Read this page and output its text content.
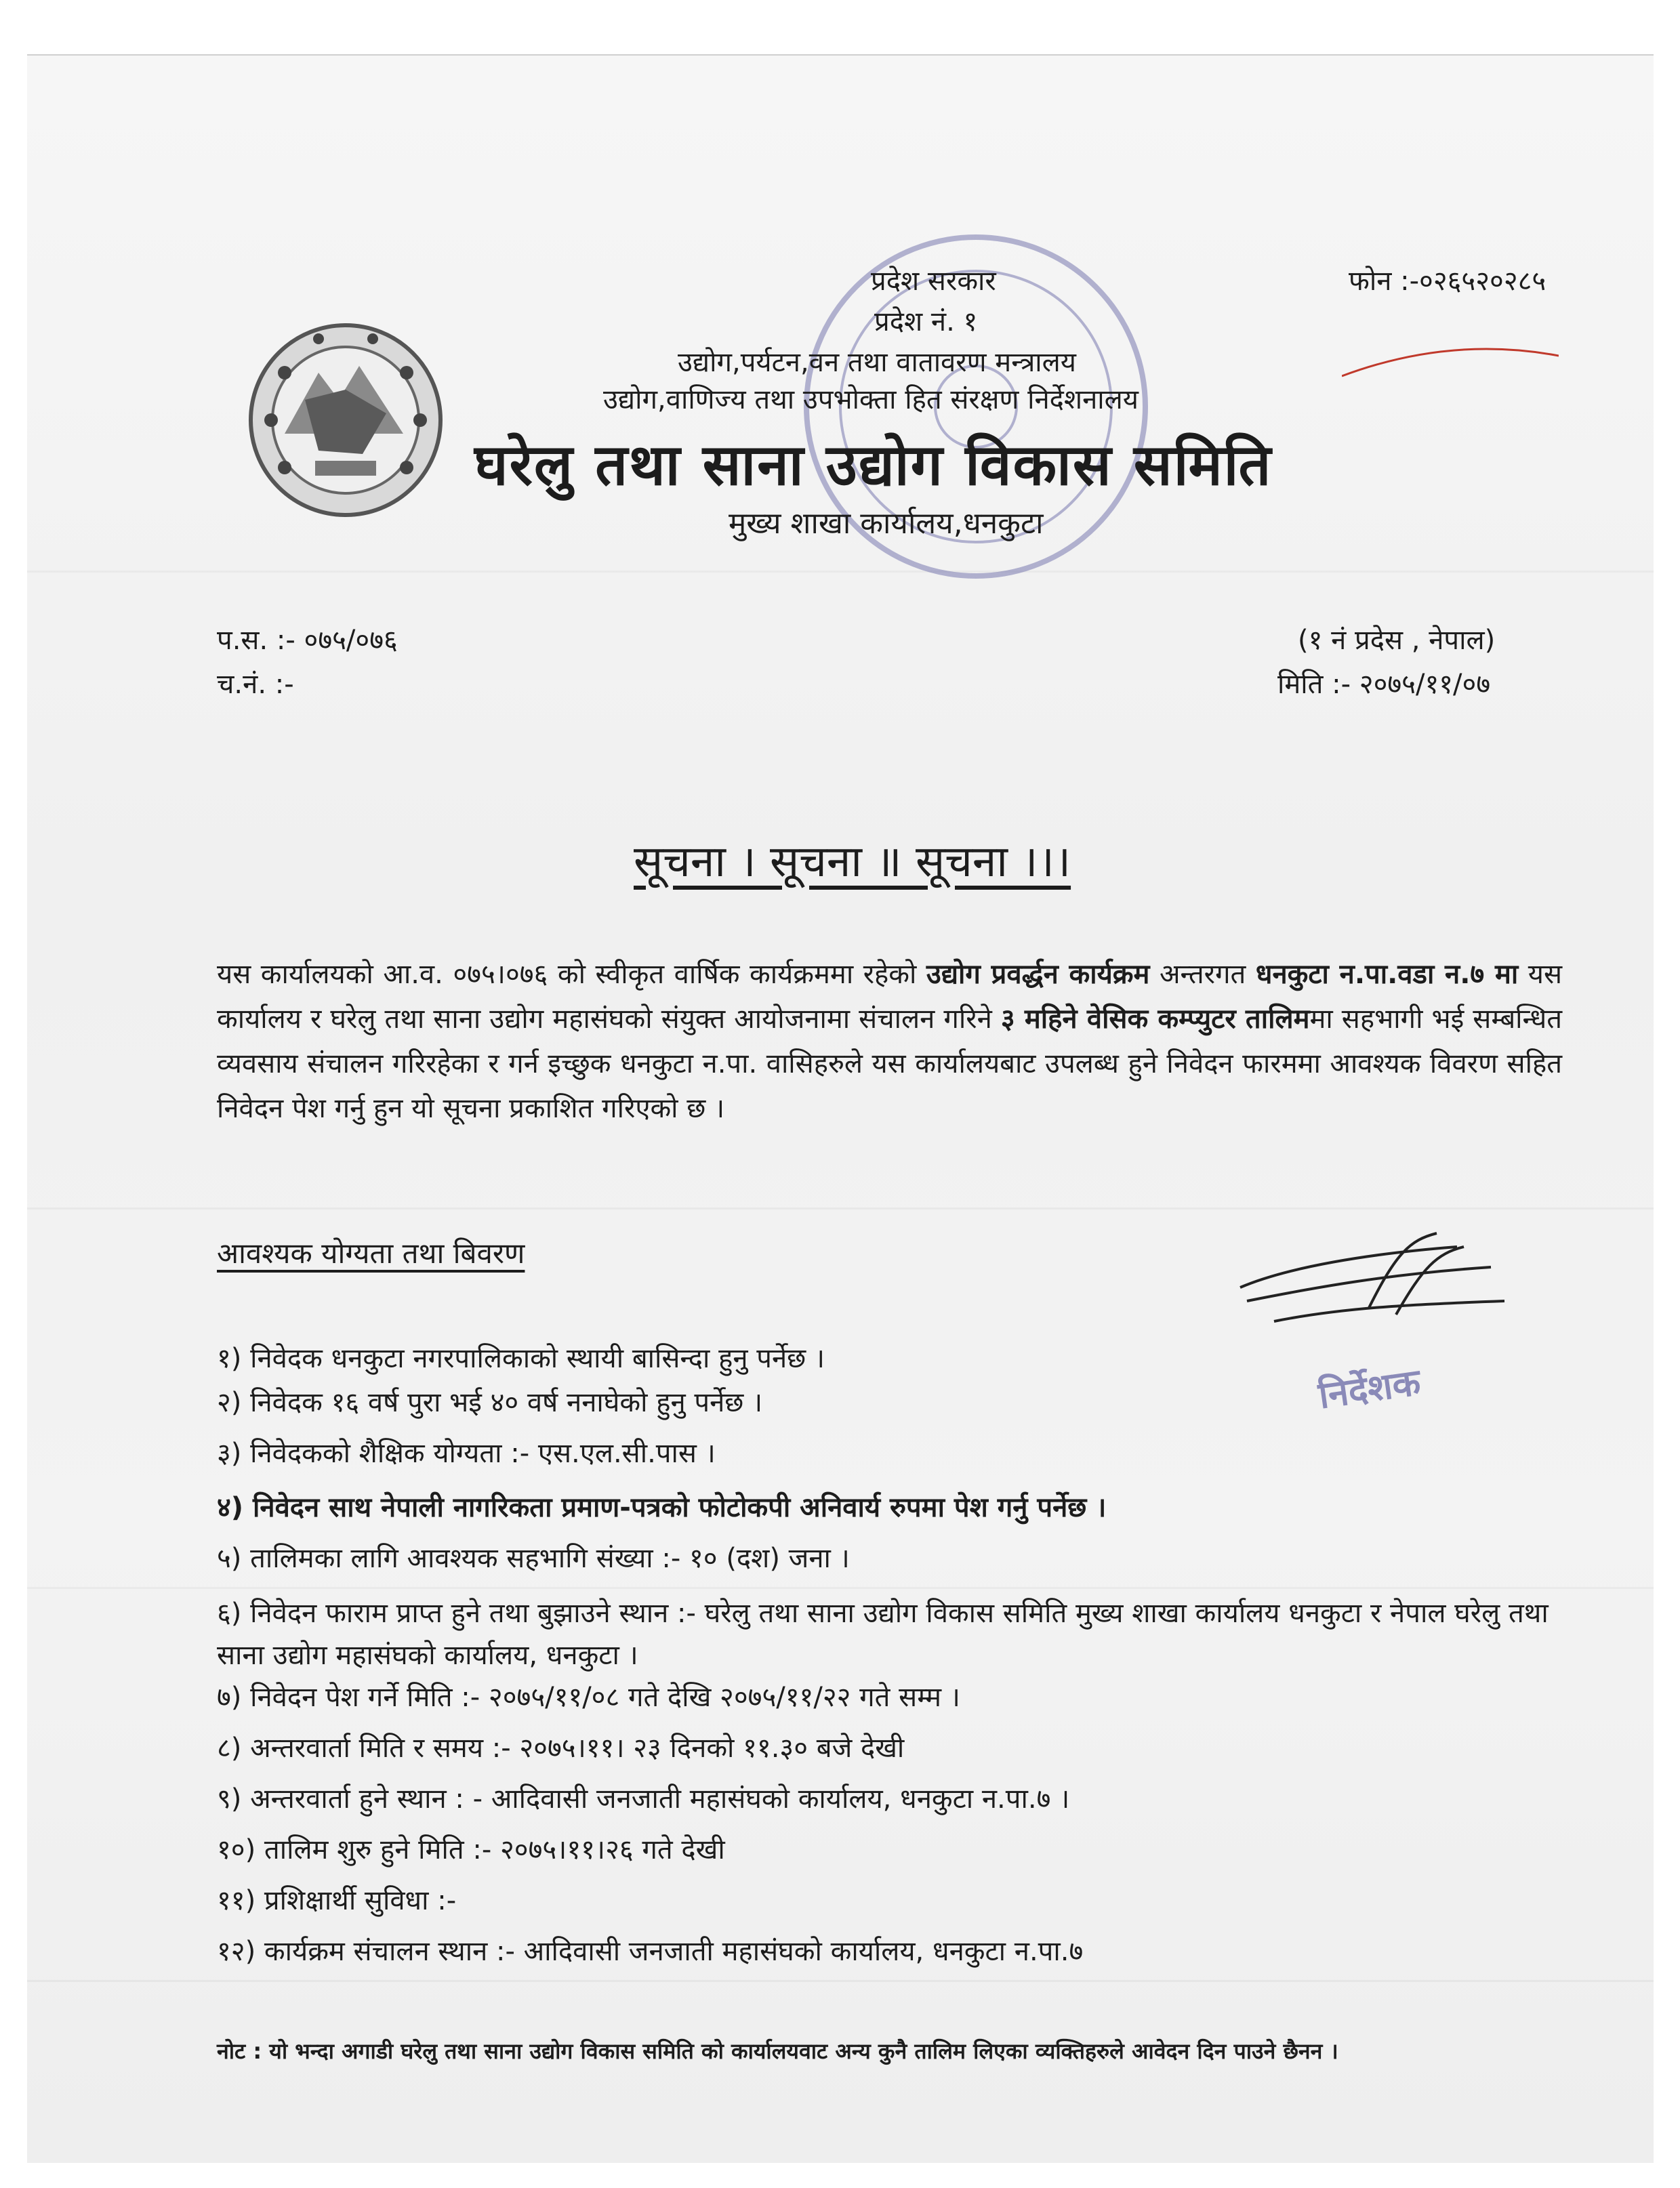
प्रदेश सरकार
प्रदेश नं. १
उद्योग,पर्यटन,वन तथा वातावरण मन्त्रालय
उद्योग,वाणिज्य तथा उपभोक्ता हित संरक्षण निर्देशनालय
घरेलु तथा साना उद्योग विकास समिति
मुख्य शाखा कार्यालय,धनकुटा
फोन :-०२६५२०२८५
प.स. :- ०७५/०७६
च.नं. :-
(१ नं प्रदेस , नेपाल)
मिति :- २०७५/११/०७
सूचना । सूचना ॥ सूचना ।।।

यस कार्यालयको आ.व. ०७५।०७६ को स्वीकृत वार्षिक कार्यक्रममा रहेको उद्योग प्रवर्द्धन कार्यक्रम अन्तरगत धनकुटा न.पा.वडा न.७ मा यस कार्यालय र घरेलु तथा साना उद्योग महासंघको संयुक्त आयोजनामा संचालन गरिने ३ महिने वेसिक कम्प्युटर तालिममा सहभागी भई सम्बन्धित व्यवसाय संचालन गरिरहेका र गर्न इच्छुक धनकुटा न.पा. वासिहरुले यस कार्यालयबाट उपलब्ध हुने निवेदन फारममा आवश्यक विवरण सहित निवेदन पेश गर्नु हुन यो सूचना प्रकाशित गरिएको छ ।

आवश्यक योग्यता तथा बिवरण
१) निवेदक धनकुटा नगरपालिकाको स्थायी बासिन्दा हुनु पर्नेछ ।
२) निवेदक १६ वर्ष पुरा भई ४० वर्ष ननाघेको हुनु पर्नेछ ।
३) निवेदकको शैक्षिक योग्यता :- एस.एल.सी.पास ।
४) निवेदन साथ नेपाली नागरिकता प्रमाण-पत्रको फोटोकपी अनिवार्य रुपमा पेश गर्नु पर्नेछ ।
५) तालिमका लागि आवश्यक सहभागि संख्या :- १० (दश) जना ।
६) निवेदन फाराम प्राप्त हुने तथा बुझाउने स्थान :- घरेलु तथा साना उद्योग विकास समिति मुख्य शाखा कार्यालय धनकुटा र नेपाल घरेलु तथा साना उद्योग महासंघको कार्यालय, धनकुटा ।
७) निवेदन पेश गर्ने मिति :- २०७५/११/०८ गते देखि २०७५/११/२२ गते सम्म ।
८) अन्तरवार्ता मिति र समय :- २०७५।११। २३ दिनको ११.३० बजे देखी
९) अन्तरवार्ता हुने स्थान : - आदिवासी जनजाती महासंघको कार्यालय, धनकुटा न.पा.७ ।
१०) तालिम शुरु हुने मिति :- २०७५।११।२६ गते देखी
११) प्रशिक्षार्थी सुविधा :-
१२) कार्यक्रम संचालन स्थान :- आदिवासी जनजाती महासंघको कार्यालय, धनकुटा न.पा.७
निर्देशक
नोट : यो भन्दा अगाडी घरेलु तथा साना उद्योग विकास समिति को कार्यालयवाट अन्य कुनै तालिम लिएका व्यक्तिहरुले आवेदन दिन पाउने छैनन ।
